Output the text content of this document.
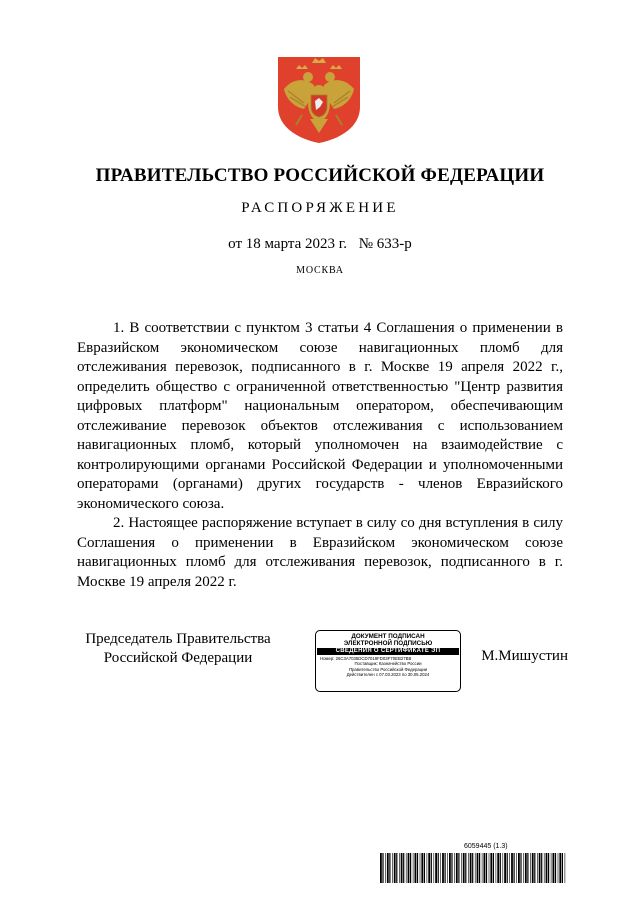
ПРАВИТЕЛЬСТВО РОССИЙСКОЙ ФЕДЕРАЦИИ
РАСПОРЯЖЕНИЕ
от 18 марта 2023 г. № 633-р
МОСКВА

1. В соответствии с пунктом 3 статьи 4 Соглашения о применении в Евразийском экономическом союзе навигационных пломб для отслеживания перевозок, подписанного в г. Москве 19 апреля 2022 г., определить общество с ограниченной ответственностью "Центр развития цифровых платформ" национальным оператором, обеспечивающим отслеживание перевозок объектов отслеживания с использованием навигационных пломб, который уполномочен на взаимодействие с контролирующими органами Российской Федерации и уполномоченными операторами (органами) других государств - членов Евразийского экономического союза.

2. Настоящее распоряжение вступает в силу со дня вступления в силу Соглашения о применении в Евразийском экономическом союзе навигационных пломб для отслеживания перевозок, подписанного в г. Москве 19 апреля 2022 г.

Председатель Правительства
Российской Федерации
ДОКУМЕНТ ПОДПИСАН
ЭЛЕКТРОННОЙ ПОДПИСЬЮ
СВЕДЕНИЯ О СЕРТИФИКАТЕ ЭП
Номер: 26C3A7035DCD7018FD03F70EB27BB
Поставщик: Казначейство России
Правительство Российской Федерации
Действителен с 07.03.2023 по 30.05.2024
М.Мишустин
6059445 (1.3)
